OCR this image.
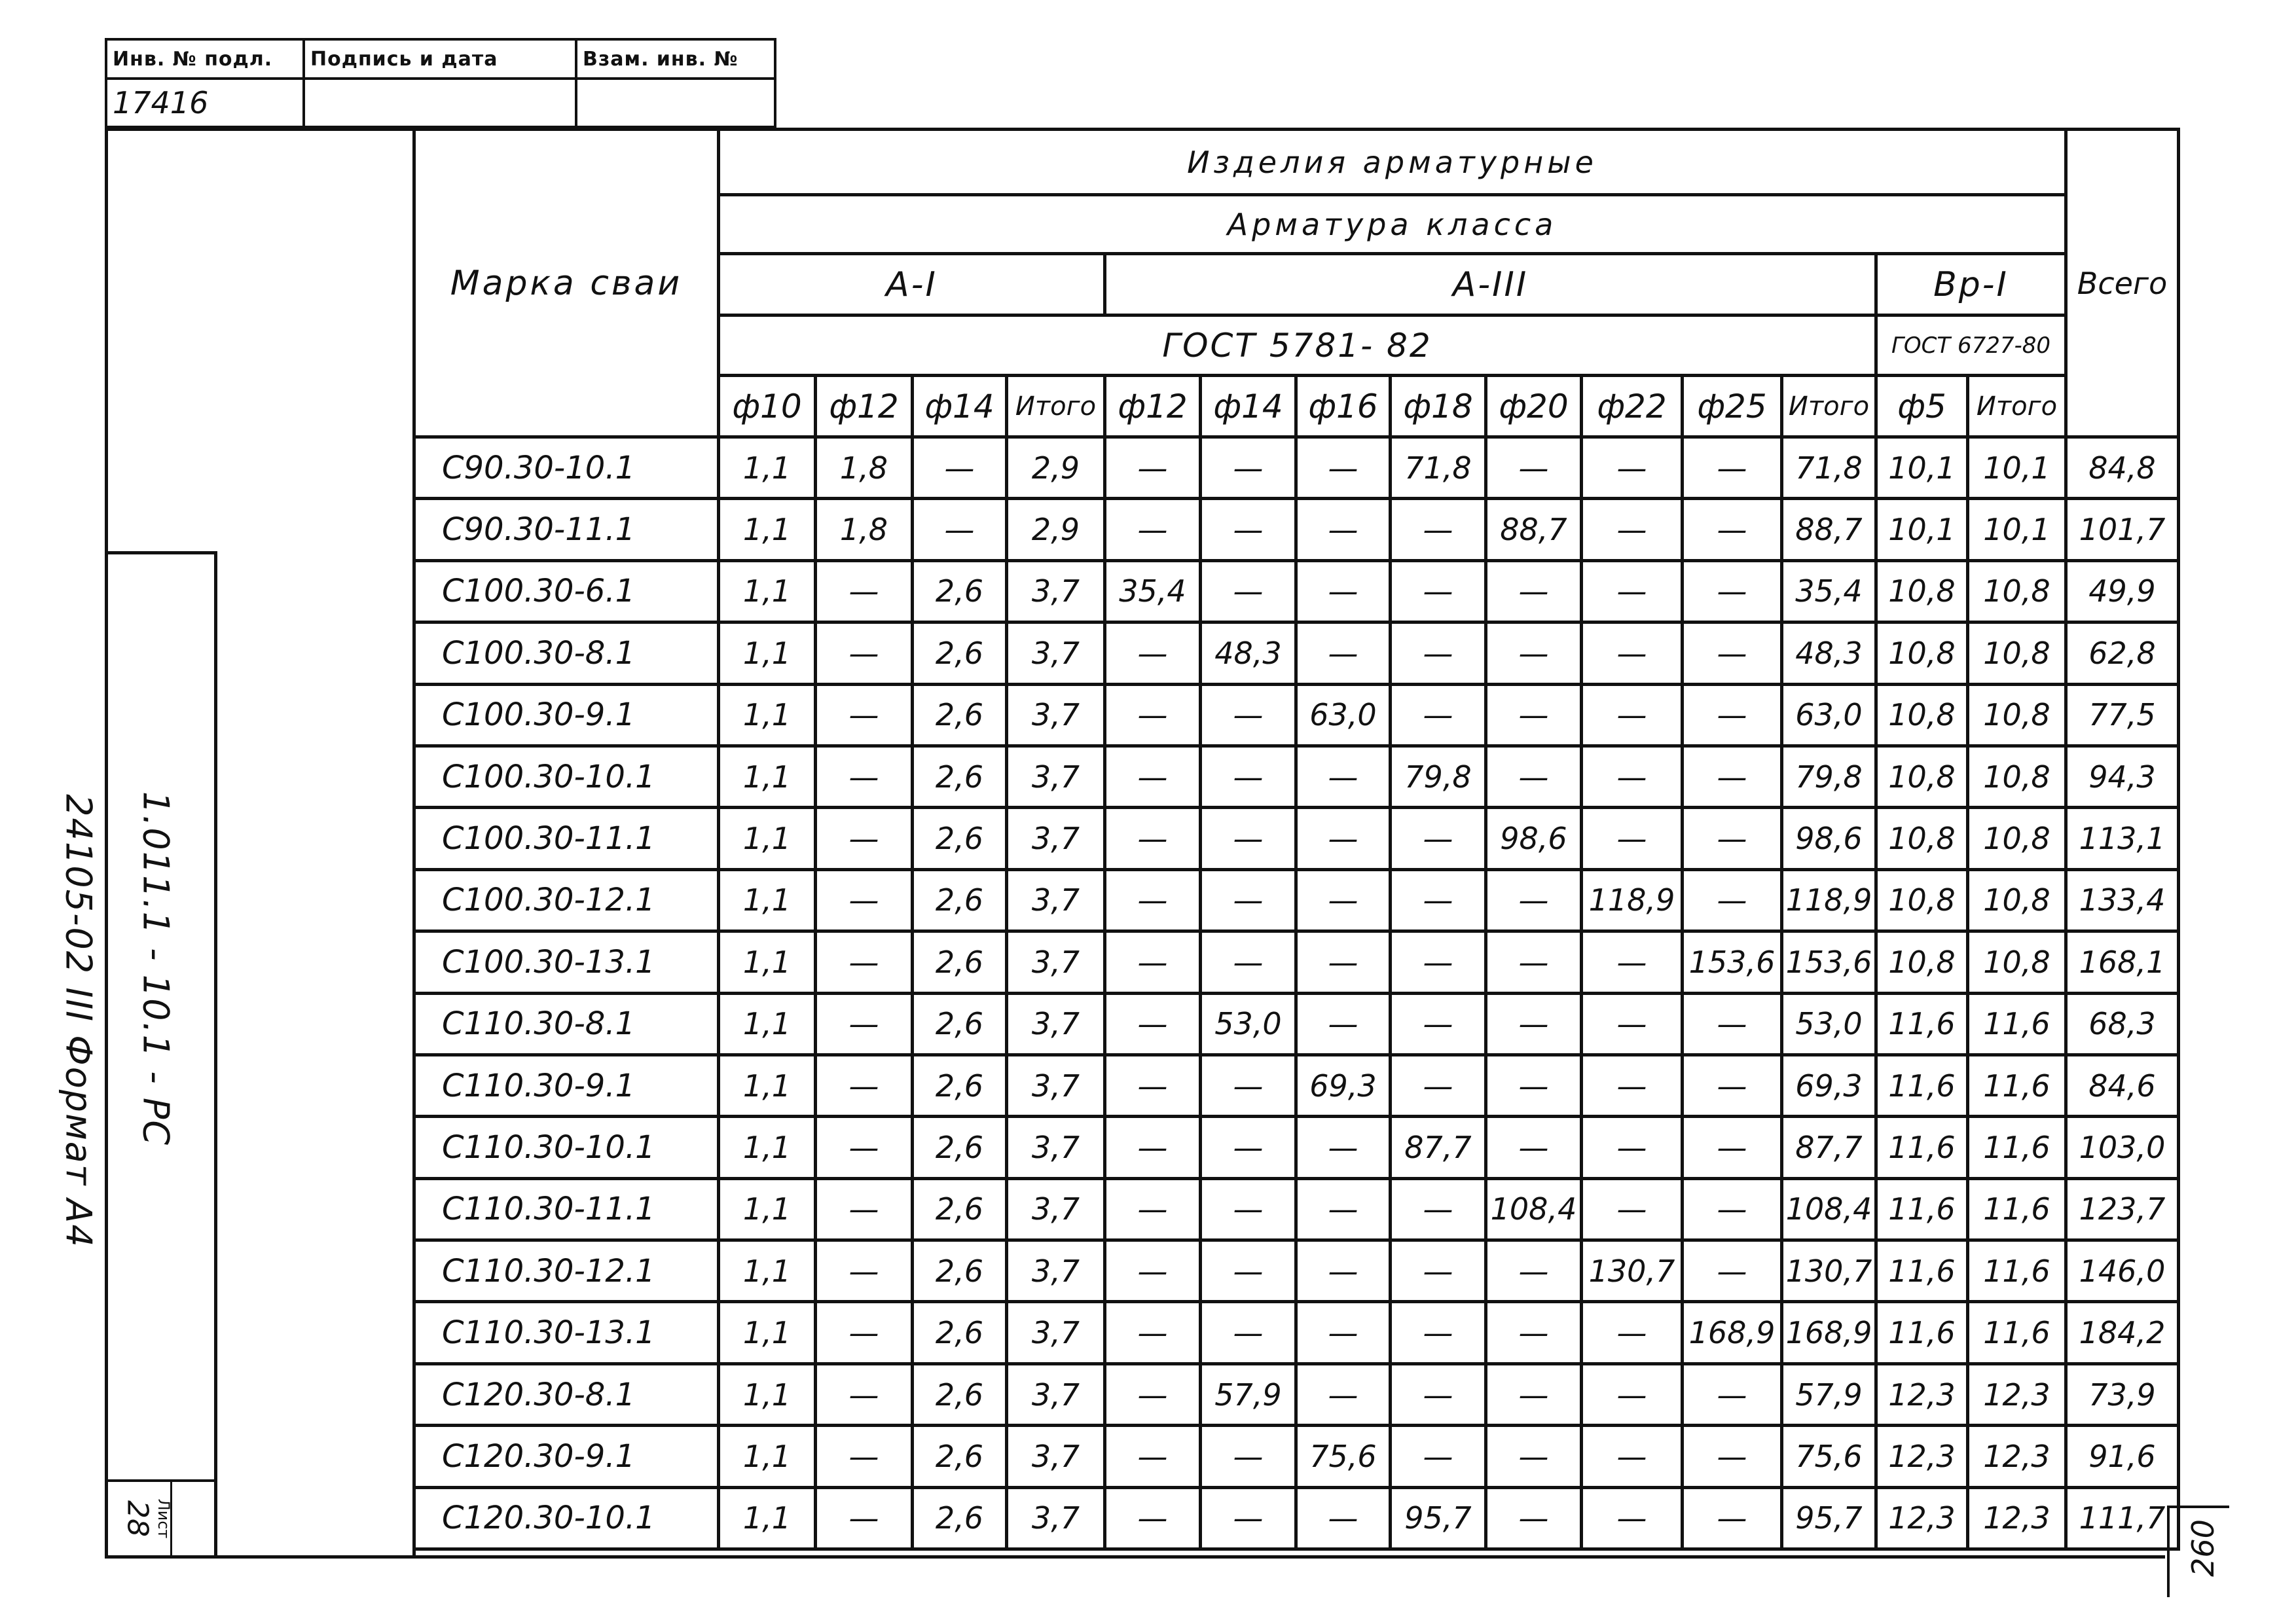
Инв. № подл.	Подпись и дата	Взам. инв. №
17416		
Лист
28
1.011.1 - 10.1 - РС
24105-02 III Формат А4
260
Марка сваи	Изделия арматурные														Всего
	Арматура класса														
	А-I				А-III								Вр-I		
	ГОСТ 5781- 82												ГОСТ 6727-80		
	ф10	ф12	ф14	Итого	ф12	ф14	ф16	ф18	ф20	ф22	ф25	Итого	ф5	Итого	
С90.30-10.1	1,1	1,8	—	2,9	—	—	—	71,8	—	—	—	71,8	10,1	10,1	84,8
С90.30-11.1	1,1	1,8	—	2,9	—	—	—	—	88,7	—	—	88,7	10,1	10,1	101,7
С100.30-6.1	1,1	—	2,6	3,7	35,4	—	—	—	—	—	—	35,4	10,8	10,8	49,9
С100.30-8.1	1,1	—	2,6	3,7	—	48,3	—	—	—	—	—	48,3	10,8	10,8	62,8
С100.30-9.1	1,1	—	2,6	3,7	—	—	63,0	—	—	—	—	63,0	10,8	10,8	77,5
С100.30-10.1	1,1	—	2,6	3,7	—	—	—	79,8	—	—	—	79,8	10,8	10,8	94,3
С100.30-11.1	1,1	—	2,6	3,7	—	—	—	—	98,6	—	—	98,6	10,8	10,8	113,1
С100.30-12.1	1,1	—	2,6	3,7	—	—	—	—	—	118,9	—	118,9	10,8	10,8	133,4
С100.30-13.1	1,1	—	2,6	3,7	—	—	—	—	—	—	153,6	153,6	10,8	10,8	168,1
С110.30-8.1	1,1	—	2,6	3,7	—	53,0	—	—	—	—	—	53,0	11,6	11,6	68,3
С110.30-9.1	1,1	—	2,6	3,7	—	—	69,3	—	—	—	—	69,3	11,6	11,6	84,6
С110.30-10.1	1,1	—	2,6	3,7	—	—	—	87,7	—	—	—	87,7	11,6	11,6	103,0
С110.30-11.1	1,1	—	2,6	3,7	—	—	—	—	108,4	—	—	108,4	11,6	11,6	123,7
С110.30-12.1	1,1	—	2,6	3,7	—	—	—	—	—	130,7	—	130,7	11,6	11,6	146,0
С110.30-13.1	1,1	—	2,6	3,7	—	—	—	—	—	—	168,9	168,9	11,6	11,6	184,2
С120.30-8.1	1,1	—	2,6	3,7	—	57,9	—	—	—	—	—	57,9	12,3	12,3	73,9
С120.30-9.1	1,1	—	2,6	3,7	—	—	75,6	—	—	—	—	75,6	12,3	12,3	91,6
С120.30-10.1	1,1	—	2,6	3,7	—	—	—	95,7	—	—	—	95,7	12,3	12,3	111,7
